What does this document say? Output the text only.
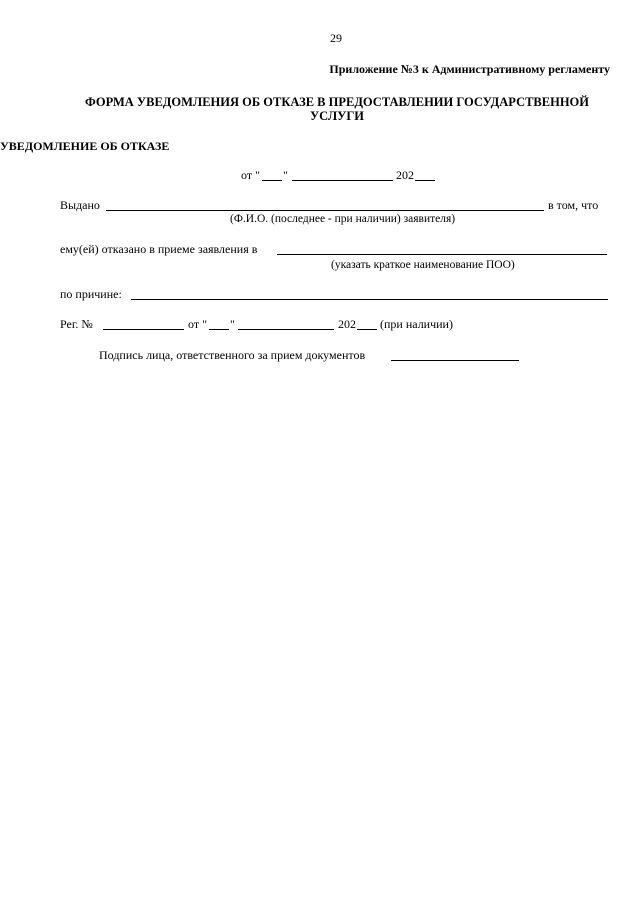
29
Приложение №3 к Административному регламенту
ФОРМА УВЕДОМЛЕНИЯ ОБ ОТКАЗЕ В ПРЕДОСТАВЛЕНИИ ГОСУДАРСТВЕННОЙ
УСЛУГИ
УВЕДОМЛЕНИЕ ОБ ОТКАЗЕ
от " "	202
Выдано	в том, что
(Ф.И.О. (последнее - при наличии) заявителя)
ему(ей) отказано в приеме заявления в
(указать краткое наименование ПОО)
по причине:
Рег. №	от " "	202 (при наличии)
Подпись лица, ответственного за прием документов
